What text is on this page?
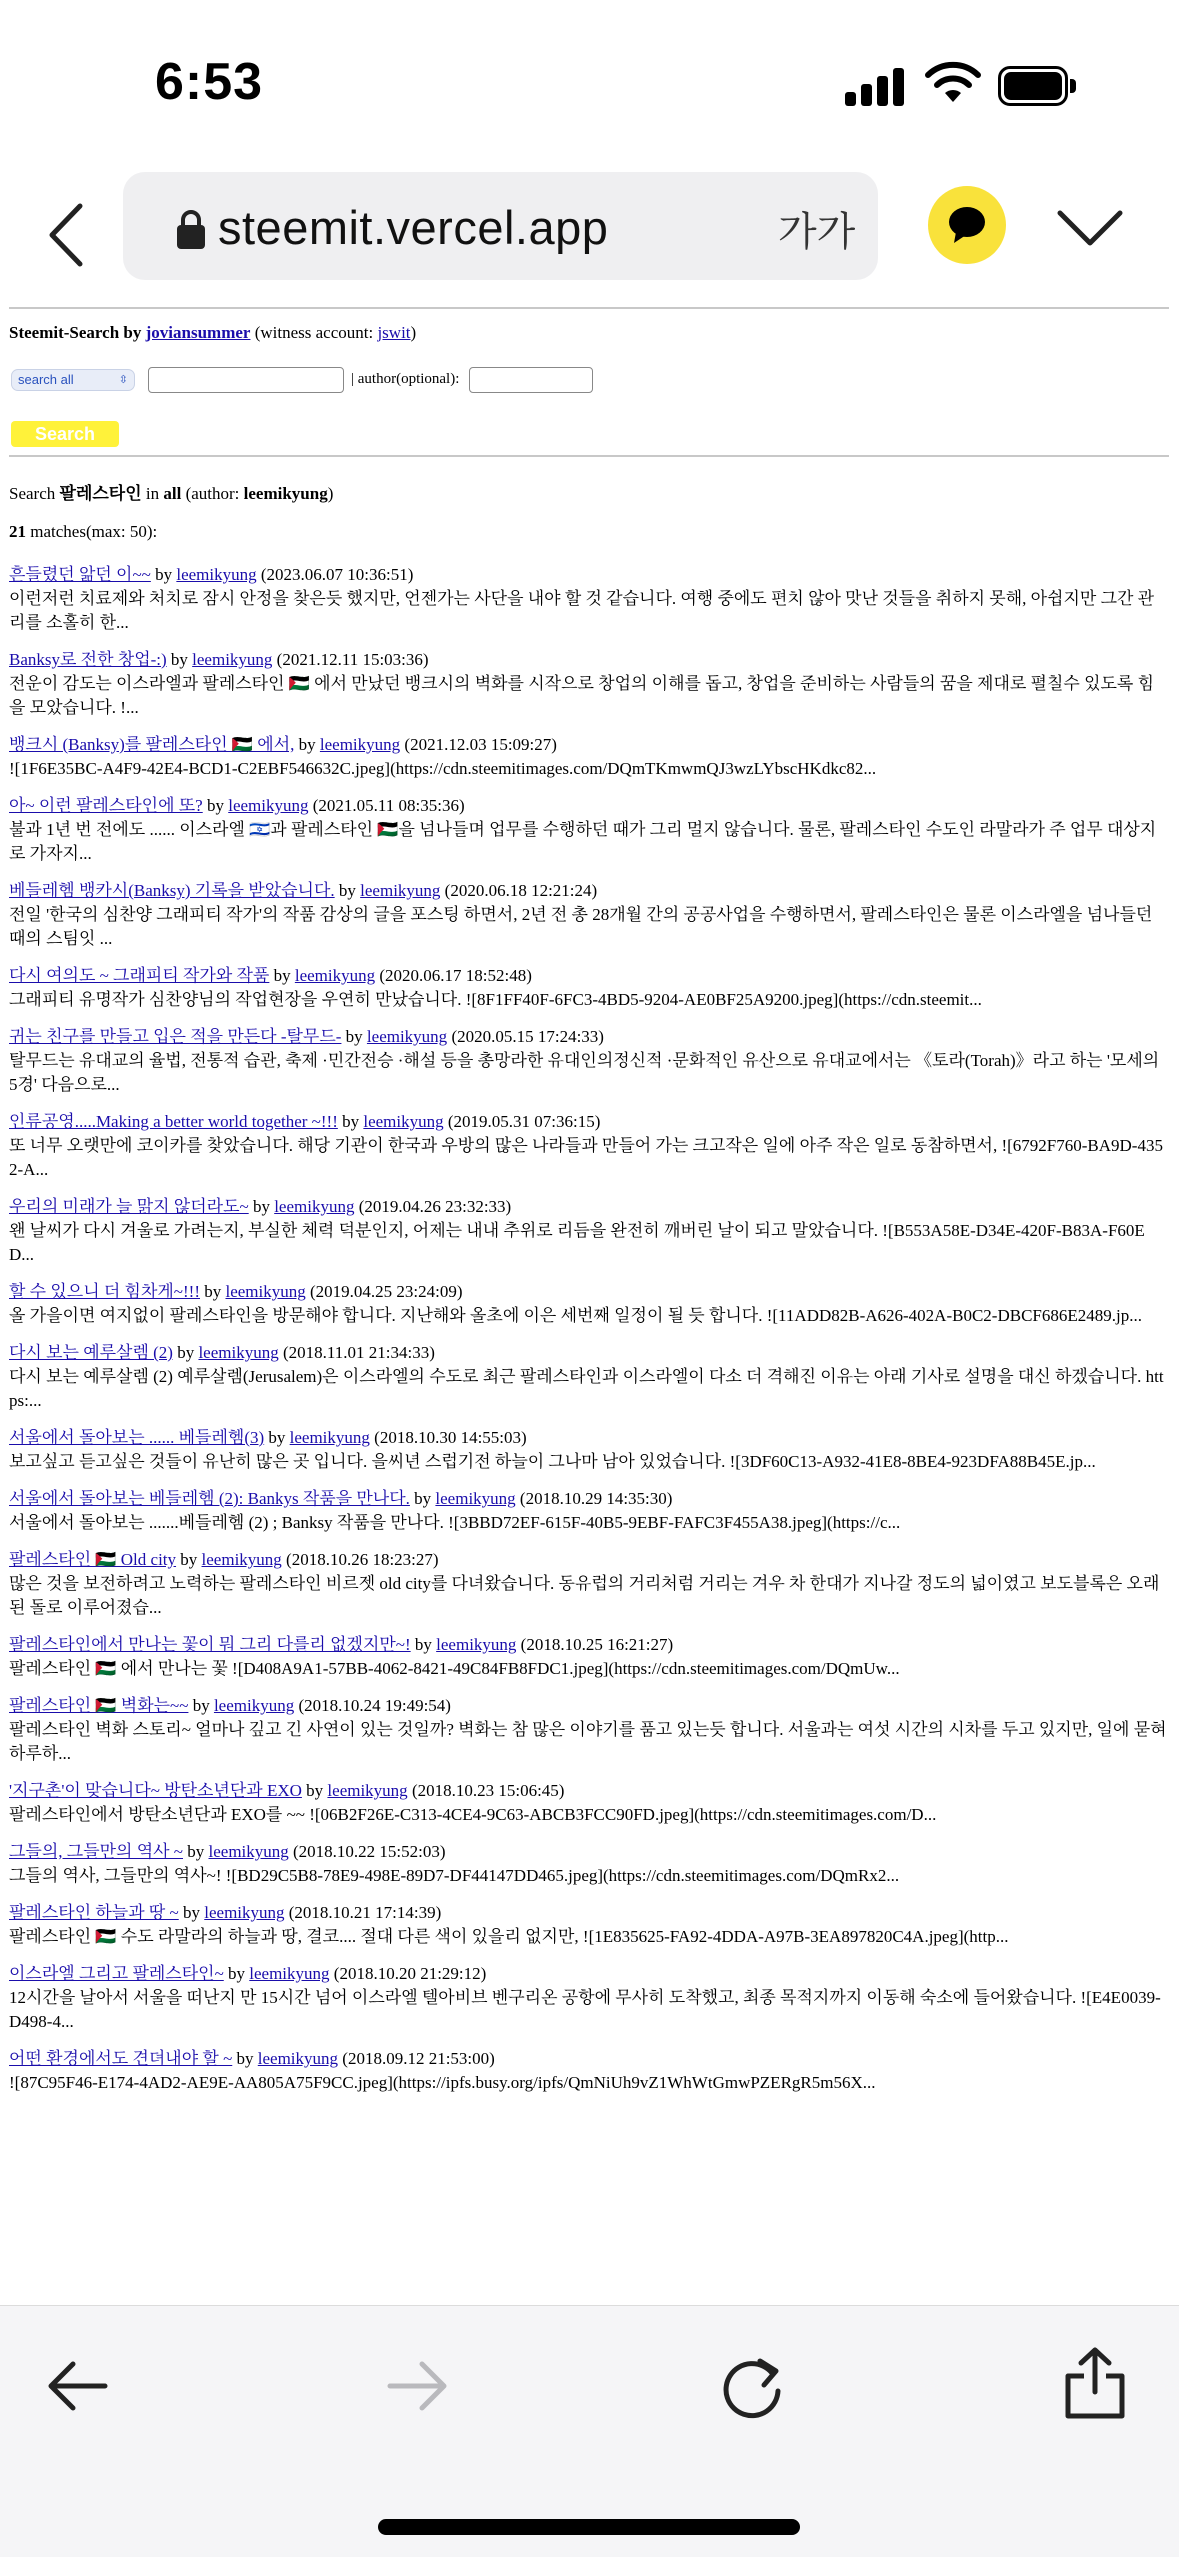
6:53
steemit.vercel.app	가가
Steemit-Search by joviansummer (witness account: jswit)
search all	⇳	| author(optional):
Search
Search 팔레스타인 in all (author: leemikyung)
21 matches(max: 50):
흔들렸던 앎던 이~~ by leemikyung (2023.06.07 10:36:51)
이런저런 치료제와 처치로 잠시 안정을 찾은듯 했지만, 언젠가는 사단을 내야 할 것 같습니다. 여행 중에도 편치 않아 맛난 것들을 취하지 못해, 아쉽지만 그간 관리를 소홀히 한...
Banksy로 전한 창업-:) by leemikyung (2021.12.11 15:03:36)
전운이 감도는 이스라엘과 팔레스타인 🇵🇸 에서 만났던 뱅크시의 벽화를 시작으로 창업의 이해를 돕고, 창업을 준비하는 사람들의 꿈을 제대로 펼칠수 있도록 힘을 모았습니다. !...
뱅크시 (Banksy)를 팔레스타인 🇵🇸 에서, by leemikyung (2021.12.03 15:09:27)
![1F6E35BC-A4F9-42E4-BCD1-C2EBF546632C.jpeg](https://cdn.steemitimages.com/DQmTKmwmQJ3wzLYbscHKdkc82...
아~ 이런 팔레스타인에 또? by leemikyung (2021.05.11 08:35:36)
불과 1년 번 전에도 ...... 이스라엘 🇮🇱과 팔레스타인 🇵🇸을 넘나들며 업무를 수행하던 때가 그리 멀지 않습니다. 물론, 팔레스타인 수도인 라말라가 주 업무 대상지로 가자지...
베들레헴 뱅카시(Banksy) 기록을 받았습니다. by leemikyung (2020.06.18 12:21:24)
전일 '한국의 심찬양 그래피티 작가'의 작품 감상의 글을 포스팅 하면서, 2년 전 총 28개월 간의 공공사업을 수행하면서, 팔레스타인은 물론 이스라엘을 넘나들던 때의 스팀잇 ...
다시 여의도 ~ 그래피티 작가와 작품 by leemikyung (2020.06.17 18:52:48)
그래피티 유명작가 심찬양님의 작업현장을 우연히 만났습니다. ![8F1FF40F-6FC3-4BD5-9204-AE0BF25A9200.jpeg](https://cdn.steemit...
귀는 친구를 만들고 입은 적을 만든다 -탈무드- by leemikyung (2020.05.15 17:24:33)
탈무드는 유대교의 율법, 전통적 습관, 축제 ·민간전승 ·해설 등을 총망라한 유대인의정신적 ·문화적인 유산으로 유대교에서는 《토라(Torah)》라고 하는 '모세의 5경' 다음으로...
인류공영.....Making a better world together ~!!! by leemikyung (2019.05.31 07:36:15)
또 너무 오랫만에 코이카를 찾았습니다. 해당 기관이 한국과 우방의 많은 나라들과 만들어 가는 크고작은 일에 아주 작은 일로 동참하면서, ![6792F760-BA9D-4352-A...
우리의 미래가 늘 맑지 않더라도~ by leemikyung (2019.04.26 23:32:33)
왠 날씨가 다시 겨울로 가려는지, 부실한 체력 덕분인지, 어제는 내내 추위로 리듬을 완전히 깨버린 날이 되고 말았습니다. ![B553A58E-D34E-420F-B83A-F60ED...
할 수 있으니 더 힘차게~!!! by leemikyung (2019.04.25 23:24:09)
올 가을이면 여지없이 팔레스타인을 방문해야 합니다. 지난해와 올초에 이은 세번째 일정이 될 듯 합니다. ![11ADD82B-A626-402A-B0C2-DBCF686E2489.jp...
다시 보는 예루살렘 (2) by leemikyung (2018.11.01 21:34:33)
다시 보는 예루살렘 (2) 예루살렘(Jerusalem)은 이스라엘의 수도로 최근 팔레스타인과 이스라엘이 다소 더 격해진 이유는 아래 기사로 설명을 대신 하겠습니다. https:...
서울에서 돌아보는 ...... 베들레헴(3) by leemikyung (2018.10.30 14:55:03)
보고싶고 듣고싶은 것들이 유난히 많은 곳 입니다. 을씨년 스럽기전 하늘이 그나마 남아 있었습니다. ![3DF60C13-A932-41E8-8BE4-923DFA88B45E.jp...
서울에서 돌아보는 베들레헴 (2): Bankys 작품을 만나다. by leemikyung (2018.10.29 14:35:30)
서울에서 돌아보는 .......베들레헴 (2) ; Banksy 작품을 만나다. ![3BBD72EF-615F-40B5-9EBF-FAFC3F455A38.jpeg](https://c...
팔레스타인 🇵🇸 Old city by leemikyung (2018.10.26 18:23:27)
많은 것을 보전하려고 노력하는 팔레스타인 비르젯 old city를 다녀왔습니다. 동유럽의 거리처럼 거리는 겨우 차 한대가 지나갈 정도의 넓이였고 보도블록은 오래된 돌로 이루어졌습...
팔레스타인에서 만나는 꽃이 뭐 그리 다를리 없겠지만~! by leemikyung (2018.10.25 16:21:27)
팔레스타인 🇵🇸 에서 만나는 꽃 ![D408A9A1-57BB-4062-8421-49C84FB8FDC1.jpeg](https://cdn.steemitimages.com/DQmUw...
팔레스타인 🇵🇸 벽화는~~ by leemikyung (2018.10.24 19:49:54)
팔레스타인 벽화 스토리~ 얼마나 깊고 긴 사연이 있는 것일까? 벽화는 참 많은 이야기를 품고 있는듯 합니다. 서울과는 여섯 시간의 시차를 두고 있지만, 일에 묻혀 하루하...
'지구촌'이 맞습니다~ 방탄소년단과 EXO by leemikyung (2018.10.23 15:06:45)
팔레스타인에서 방탄소년단과 EXO를 ~~ ![06B2F26E-C313-4CE4-9C63-ABCB3FCC90FD.jpeg](https://cdn.steemitimages.com/D...
그들의, 그들만의 역사 ~ by leemikyung (2018.10.22 15:52:03)
그들의 역사, 그들만의 역사~! ![BD29C5B8-78E9-498E-89D7-DF44147DD465.jpeg](https://cdn.steemitimages.com/DQmRx2...
팔레스타인 하늘과 땅 ~ by leemikyung (2018.10.21 17:14:39)
팔레스타인 🇵🇸 수도 라말라의 하늘과 땅, 결코.... 절대 다른 색이 있을리 없지만, ![1E835625-FA92-4DDA-A97B-3EA897820C4A.jpeg](http...
이스라엘 그리고 팔레스타인~ by leemikyung (2018.10.20 21:29:12)
12시간을 날아서 서울을 떠난지 만 15시간 넘어 이스라엘 텔아비브 벤구리온 공항에 무사히 도착했고, 최종 목적지까지 이동해 숙소에 들어왔습니다. ![E4E0039-D498-4...
어떤 환경에서도 견뎌내야 할 ~ by leemikyung (2018.09.12 21:53:00)
![87C95F46-E174-4AD2-AE9E-AA805A75F9CC.jpeg](https://ipfs.busy.org/ipfs/QmNiUh9vZ1WhWtGmwPZERgR5m56X...
